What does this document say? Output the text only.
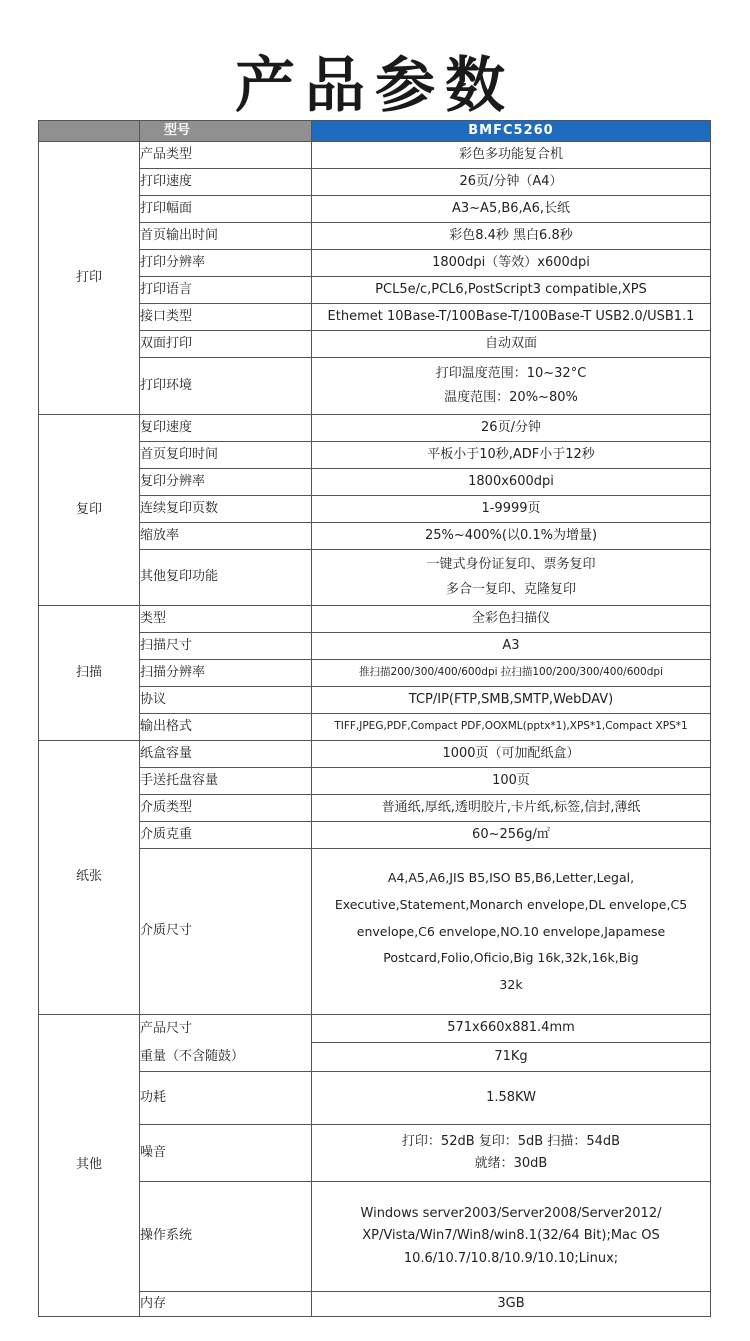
产品参数
	型号	BMFC5260
打印	产品类型	彩色多功能复合机
	打印速度	26页/分钟（A4）
	打印幅面	A3~A5,B6,A6,长纸
	首页输出时间	彩色8.4秒 黑白6.8秒
	打印分辨率	1800dpi（等效）x600dpi
	打印语言	PCL5e/c,PCL6,PostScript3 compatible,XPS
	接口类型	Ethemet 10Base-T/100Base-T/100Base-T USB2.0/USB1.1
	双面打印	自动双面
	打印环境	打印温度范围：10~32°C
温度范围：20%~80%

复印	复印速度	26页/分钟
	首页复印时间	平板小于10秒,ADF小于12秒
	复印分辨率	1800x600dpi
	连续复印页数	1-9999页
	缩放率	25%~400%(以0.1%为增量)
	其他复印功能	一键式身份证复印、票务复印
多合一复印、克隆复印

扫描	类型	全彩色扫描仪
	扫描尺寸	A3
	扫描分辨率	推扫描200/300/400/600dpi 拉扫描100/200/300/400/600dpi
	协议	TCP/IP(FTP,SMB,SMTP,WebDAV)
	输出格式	TIFF,JPEG,PDF,Compact PDF,OOXML(pptx*1),XPS*1,Compact XPS*1
纸张	纸盒容量	1000页（可加配纸盒）
	手送托盘容量	100页
	介质类型	普通纸,厚纸,透明胶片,卡片纸,标签,信封,薄纸
	介质克重	60~256g/㎡
	介质尺寸	A4,A5,A6,JIS B5,ISO B5,B6,Letter,Legal,
Executive,Statement,Monarch envelope,DL envelope,C5
envelope,C6 envelope,NO.10 envelope,Japamese
Postcard,Folio,Oficio,Big 16k,32k,16k,Big
32k

其他	产品尺寸	571x660x881.4mm
	重量（不含随鼓）	71Kg
	功耗	1.58KW
	噪音	打印：52dB 复印：5dB 扫描：54dB
就绪：30dB

	操作系统	Windows server2003/Server2008/Server2012/
XP/Vista/Win7/Win8/win8.1(32/64 Bit);Mac OS
10.6/10.7/10.8/10.9/10.10;Linux;

	内存	3GB
